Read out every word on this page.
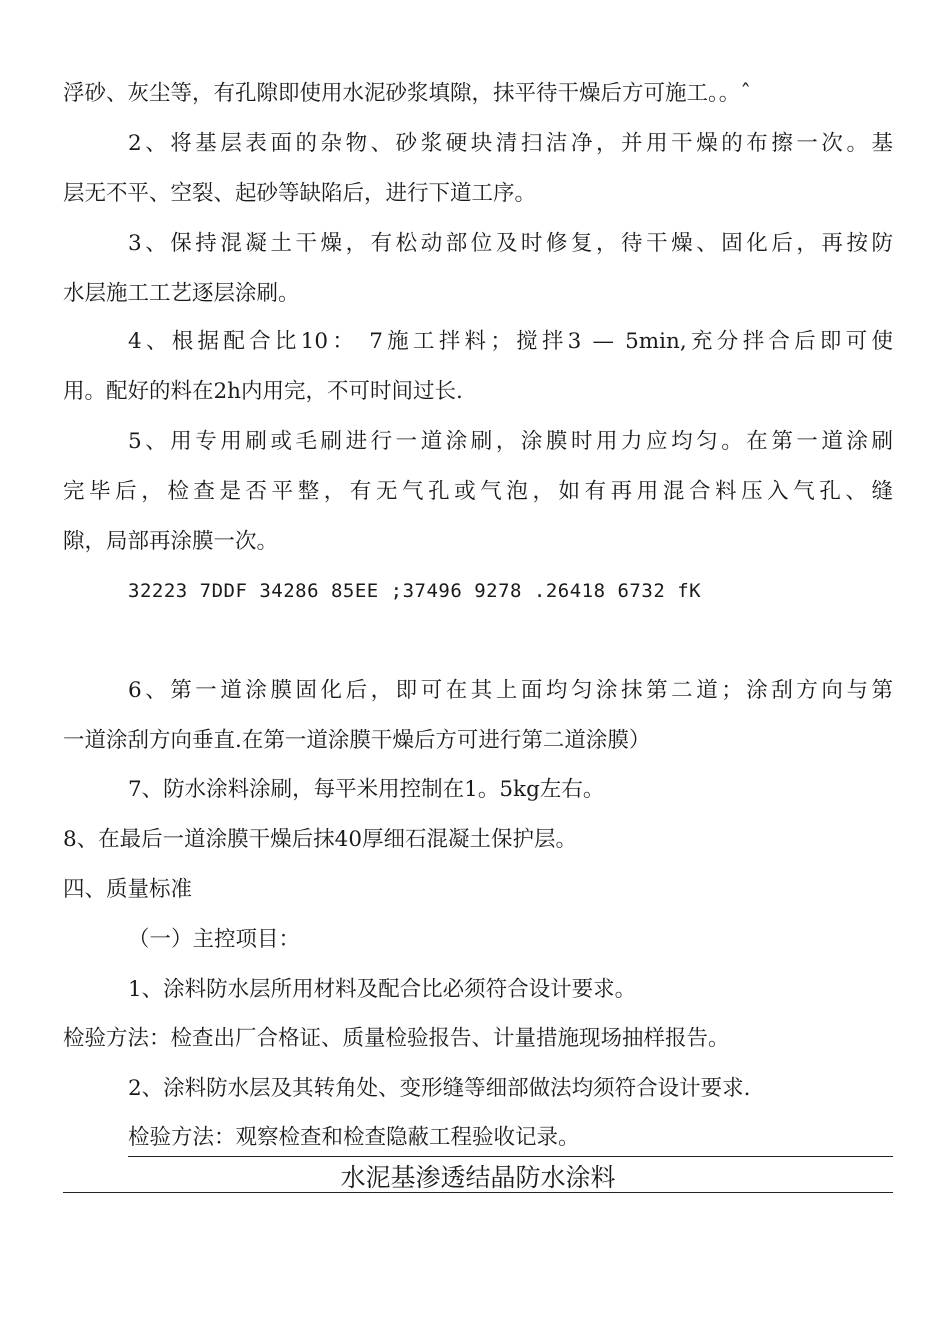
浮砂、灰尘等，有孔隙即使用水泥砂浆填隙，抹平待干燥后方可施工。。ˆ
2、将基层表面的杂物、砂浆硬块清扫洁净，并用干燥的布擦一次。基
层无不平、空裂、起砂等缺陷后，进行下道工序。
3、保持混凝土干燥，有松动部位及时修复，待干燥、固化后，再按防
水层施工工艺逐层涂刷。
4、根据配合比10： 7施工拌料；搅拌3 — 5min,充分拌合后即可使
用。配好的料在2h内用完，不可时间过长.
5、用专用刷或毛刷进行一道涂刷，涂膜时用力应均匀。在第一道涂刷
完毕后，检查是否平整，有无气孔或气泡，如有再用混合料压入气孔、缝
隙，局部再涂膜一次。
32223 7DDF 34286 85EE ;37496 9278 .26418 6732 fK
6、第一道涂膜固化后，即可在其上面均匀涂抹第二道；涂刮方向与第
一道涂刮方向垂直.在第一道涂膜干燥后方可进行第二道涂膜）
7、防水涂料涂刷，每平米用控制在1。5kg左右。
8、在最后一道涂膜干燥后抹40厚细石混凝土保护层。
四、质量标准
（一）主控项目：
1、涂料防水层所用材料及配合比必须符合设计要求。
检验方法：检查出厂合格证、质量检验报告、计量措施现场抽样报告。
2、涂料防水层及其转角处、变形缝等细部做法均须符合设计要求.
检验方法：观察检查和检查隐蔽工程验收记录。
水泥基渗透结晶防水涂料
